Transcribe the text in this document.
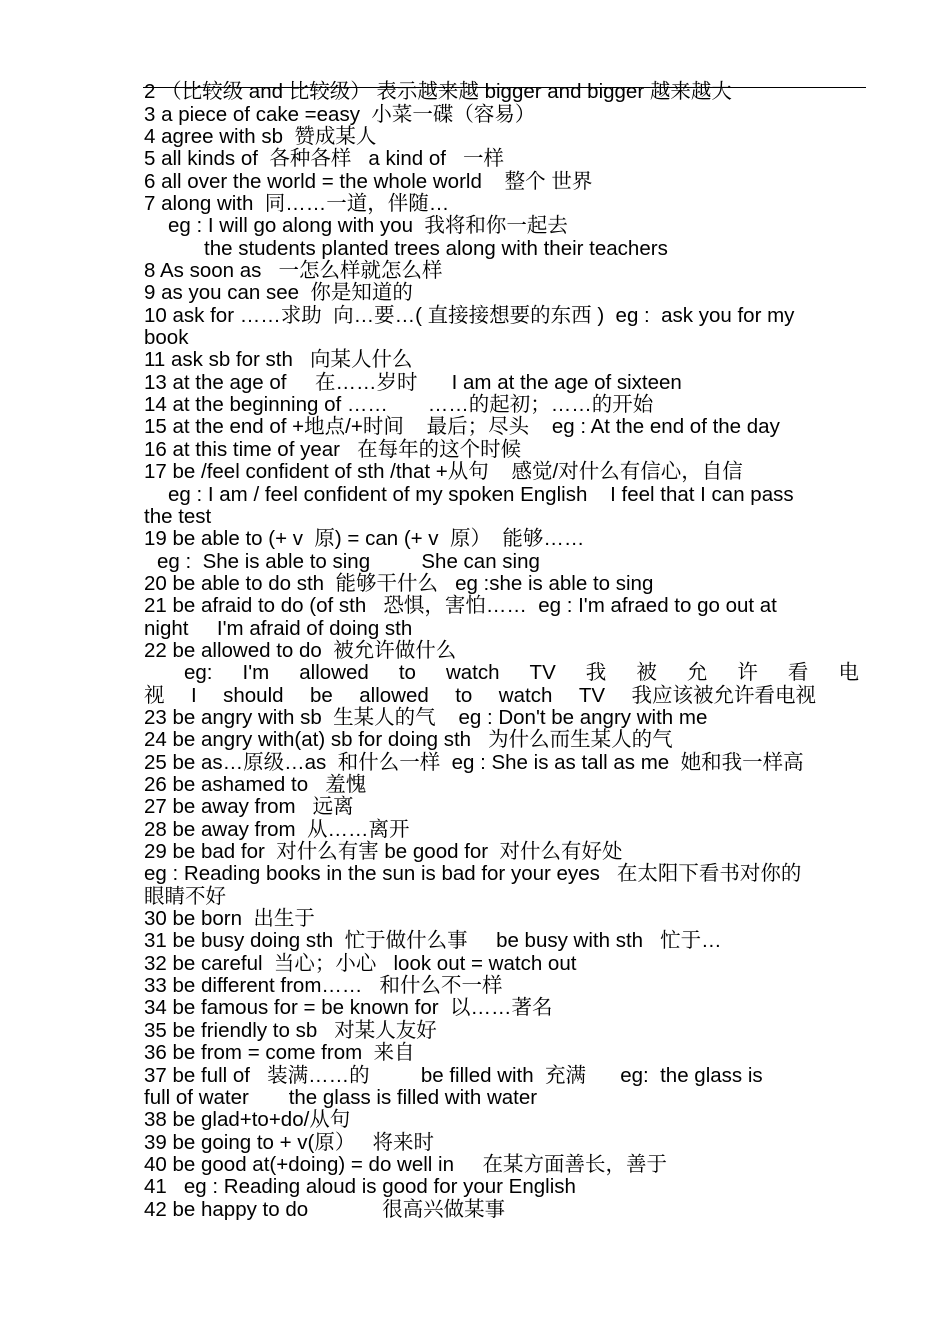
2 （比较级 and 比较级） 表示越来越 bigger and bigger 越来越大
3 a piece of cake =easy  小菜一碟（容易）
4 agree with sb  赞成某人
5 all kinds of  各种各样   a kind of   一样
6 all over the world = the whole world    整个 世界
7 along with  同……一道，伴随…
eg : I will go along with you  我将和你一起去
the students planted trees along with their teachers
8 As soon as   一怎么样就怎么样
9 as you can see  你是知道的
10 ask for ……求助  向…要…( 直接接想要的东西 )  eg :  ask you for my
book
11 ask sb for sth   向某人什么
13 at the age of     在……岁时      I am at the age of sixteen
14 at the beginning of ……       ……的起初；……的开始
15 at the end of +地点/+时间    最后；尽头    eg : At the end of the day
16 at this time of year   在每年的这个时候
17 be /feel confident of sth /that +从句    感觉/对什么有信心，自信
eg : I am / feel confident of my spoken English    I feel that I can pass
the test
19 be able to (+ v  原) = can (+ v  原）  能够……
eg :  She is able to sing         She can sing
20 be able to do sth  能够干什么   eg :she is able to sing
21 be afraid to do (of sth   恐惧，害怕……  eg : I'm afraed to go out at
night     I'm afraid of doing sth
22 be allowed to do  被允许做什么
eg: I'm allowed to watch TV 我 被 允 许 看 电
视 I should be allowed to watch TV 我应该被允许看电视
23 be angry with sb  生某人的气    eg : Don't be angry with me
24 be angry with(at) sb for doing sth   为什么而生某人的气
25 be as…原级…as  和什么一样  eg : She is as tall as me  她和我一样高
26 be ashamed to   羞愧
27 be away from   远离
28 be away from  从……离开
29 be bad for  对什么有害 be good for  对什么有好处
eg : Reading books in the sun is bad for your eyes   在太阳下看书对你的
眼睛不好
30 be born  出生于
31 be busy doing sth  忙于做什么事     be busy with sth   忙于…
32 be careful  当心；小心   look out = watch out
33 be different from……   和什么不一样
34 be famous for = be known for  以……著名
35 be friendly to sb   对某人友好
36 be from = come from  来自
37 be full of   装满……的         be filled with  充满      eg:  the glass is
full of water       the glass is filled with water
38 be glad+to+do/从句
39 be going to + v(原）   将来时
40 be good at(+doing) = do well in     在某方面善长，善于
41   eg : Reading aloud is good for your English
42 be happy to do             很高兴做某事
